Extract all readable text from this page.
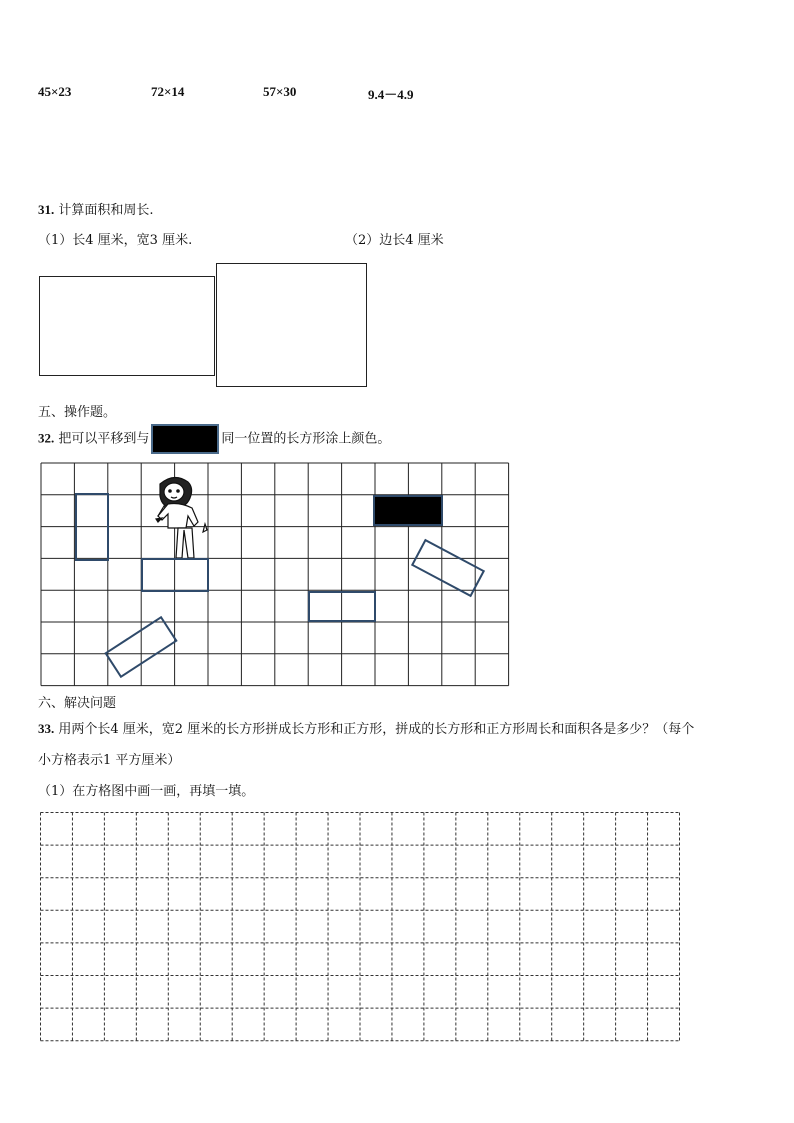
45×23	72×14	57×30	9.4－4.9
31. 计算面积和周长.
（1）长4 厘米，宽3 厘米.	（2）边长4 厘米
五、操作题。
32. 把可以平移到与	同一位置的长方形涂上颜色。
六、解决问题
33. 用两个长4 厘米，宽2 厘米的长方形拼成长方形和正方形，拼成的长方形和正方形周长和面积各是多少？（每个
小方格表示1 平方厘米）
（1）在方格图中画一画，再填一填。
